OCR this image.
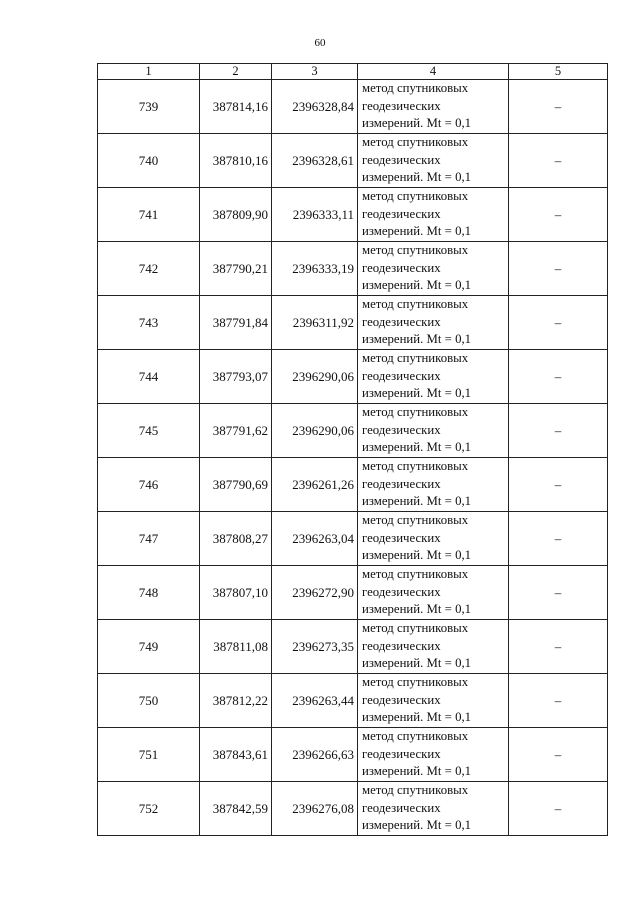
60
1	2	3	4	5
739	387814,16	2396328,84	метод спутниковых
геодезических
измерений. Mt = 0,1	–
740	387810,16	2396328,61	метод спутниковых
геодезических
измерений. Mt = 0,1	–
741	387809,90	2396333,11	метод спутниковых
геодезических
измерений. Mt = 0,1	–
742	387790,21	2396333,19	метод спутниковых
геодезических
измерений. Mt = 0,1	–
743	387791,84	2396311,92	метод спутниковых
геодезических
измерений. Mt = 0,1	–
744	387793,07	2396290,06	метод спутниковых
геодезических
измерений. Mt = 0,1	–
745	387791,62	2396290,06	метод спутниковых
геодезических
измерений. Mt = 0,1	–
746	387790,69	2396261,26	метод спутниковых
геодезических
измерений. Mt = 0,1	–
747	387808,27	2396263,04	метод спутниковых
геодезических
измерений. Mt = 0,1	–
748	387807,10	2396272,90	метод спутниковых
геодезических
измерений. Mt = 0,1	–
749	387811,08	2396273,35	метод спутниковых
геодезических
измерений. Mt = 0,1	–
750	387812,22	2396263,44	метод спутниковых
геодезических
измерений. Mt = 0,1	–
751	387843,61	2396266,63	метод спутниковых
геодезических
измерений. Mt = 0,1	–
752	387842,59	2396276,08	метод спутниковых
геодезических
измерений. Mt = 0,1	–
